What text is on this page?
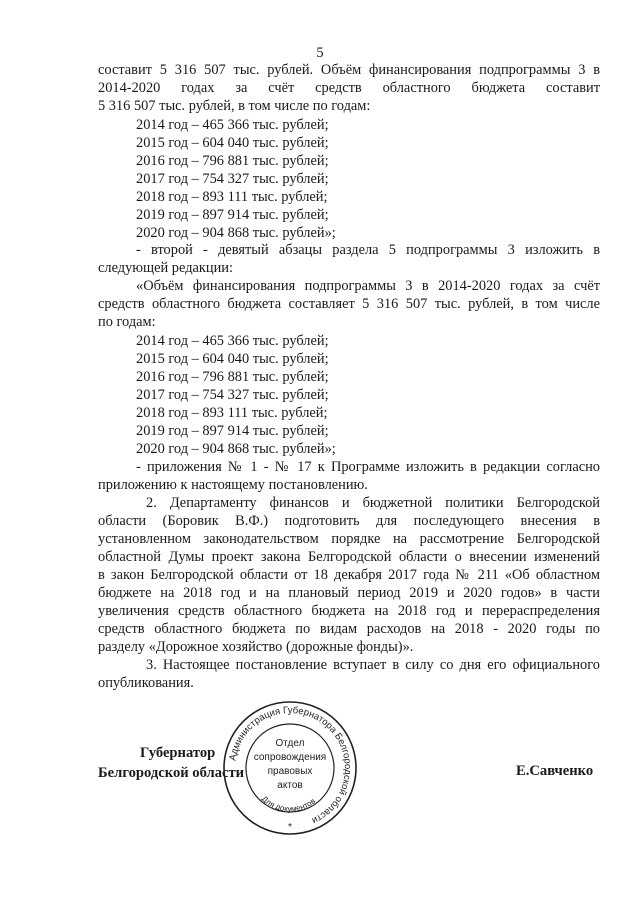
5
составит 5 316 507 тыс. рублей. Объём финансирования подпрограммы 3 в
2014-2020 годах за счёт средств областного бюджета составит
5 316 507 тыс. рублей, в том числе по годам:
2014 год – 465 366 тыс. рублей;
2015 год – 604 040 тыс. рублей;
2016 год – 796 881 тыс. рублей;
2017 год – 754 327 тыс. рублей;
2018 год – 893 111 тыс. рублей;
2019 год – 897 914 тыс. рублей;
2020 год – 904 868 тыс. рублей»;
- второй - девятый абзацы раздела 5 подпрограммы 3 изложить в
следующей редакции:
«Объём финансирования подпрограммы 3 в 2014-2020 годах за счёт
средств областного бюджета составляет 5 316 507 тыс. рублей, в том числе
по годам:
2014 год – 465 366 тыс. рублей;
2015 год – 604 040 тыс. рублей;
2016 год – 796 881 тыс. рублей;
2017 год – 754 327 тыс. рублей;
2018 год – 893 111 тыс. рублей;
2019 год – 897 914 тыс. рублей;
2020 год – 904 868 тыс. рублей»;
- приложения № 1 - № 17 к Программе изложить в редакции согласно
приложению к настоящему постановлению.
2. Департаменту финансов и бюджетной политики Белгородской
области (Боровик В.Ф.) подготовить для последующего внесения в
установленном законодательством порядке на рассмотрение Белгородской
областной Думы проект закона Белгородской области о внесении изменений
в закон Белгородской области от 18 декабря 2017 года № 211 «Об областном
бюджете на 2018 год и на плановый период 2019 и 2020 годов» в части
увеличения средств областного бюджета на 2018 год и перераспределения
средств областного бюджета по видам расходов на 2018 - 2020 годы по
разделу «Дорожное хозяйство (дорожные фонды)».
3. Настоящее постановление вступает в силу со дня его официального
опубликования.
Губернатор
Белгородской области	Е.Савченко
Администрация Губернатора Белгородской области
Отдел
сопровождения
правовых
актов
Для документов
*
